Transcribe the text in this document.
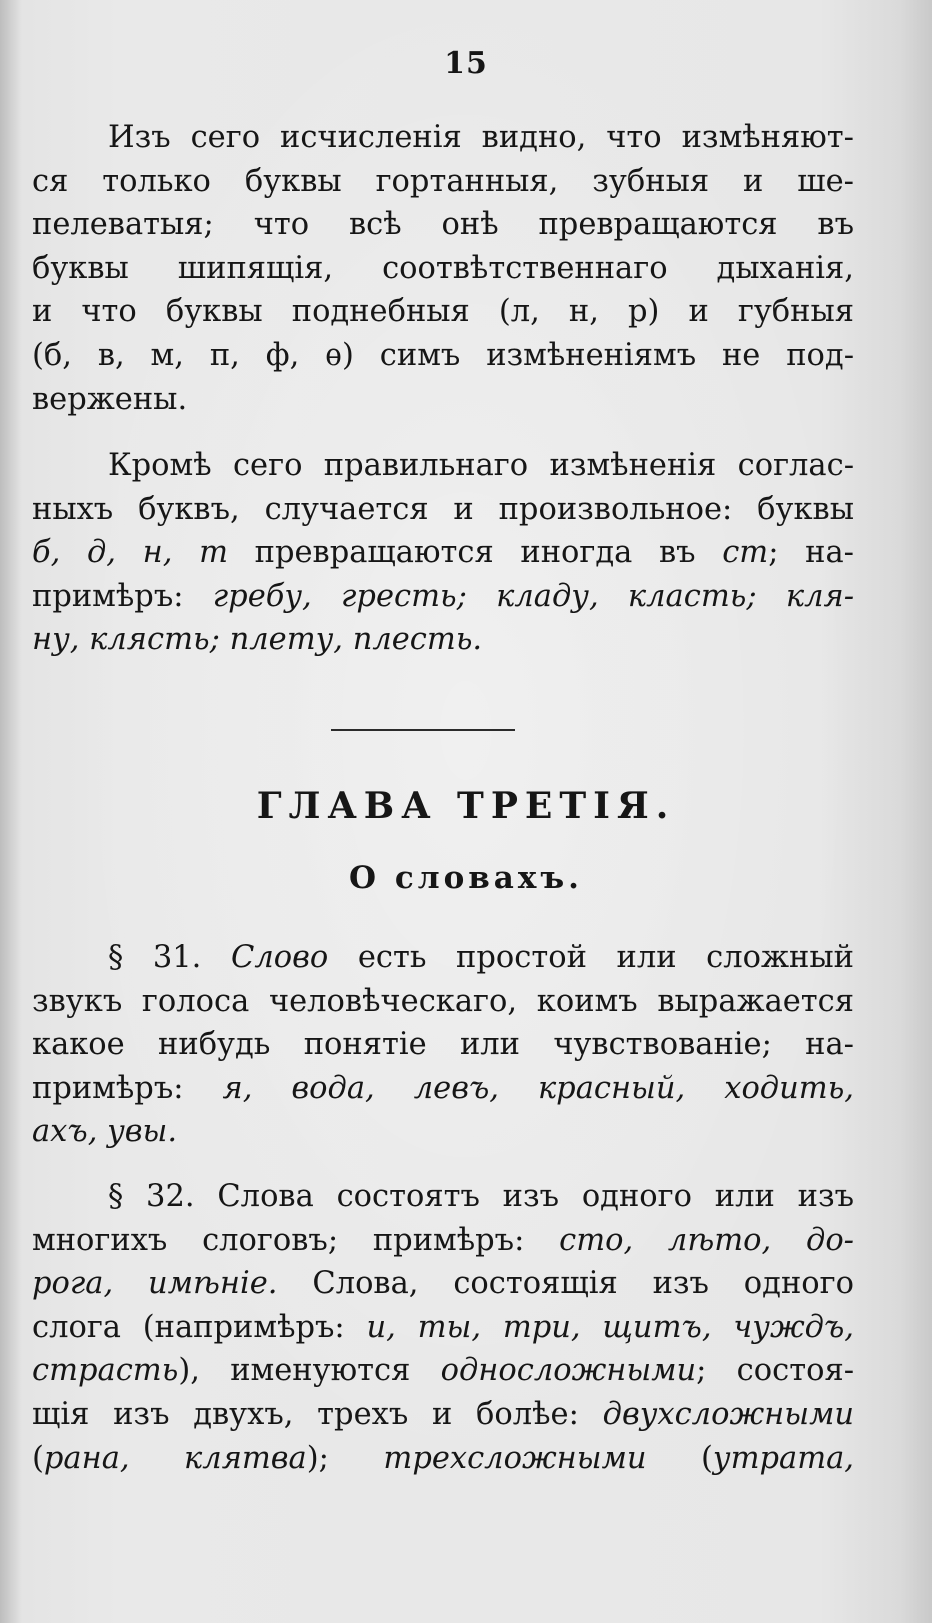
15
Изъ сего исчисленія видно, что измѣняют-
ся только буквы гортанныя, зубныя и ше-
пелеватыя; что всѣ онѣ превращаются въ
буквы шипящія, соотвѣтственнаго дыханія,
и что буквы поднебныя (л, н, р) и губныя
(б, в, м, п, ф, ѳ) симъ измѣненіямъ не под-
вержены.
Кромѣ сего правильнаго измѣненія соглас-
ныхъ буквъ, случается и произвольное: буквы
б, д, н, т превращаются иногда въ ст; на-
примѣръ: гребу, гресть; кладу, класть; кля-
ну, клясть; плету, плесть.
ГЛАВА ТРЕТІЯ.
О словахъ.
§ 31. Слово есть простой или сложный
звукъ голоса человѣческаго, коимъ выражается
какое нибудь понятіе или чувствованіе; на-
примѣръ: я, вода, левъ, красный, ходить,
ахъ, увы.
§ 32. Слова состоятъ изъ одного или изъ
многихъ слоговъ; примѣръ: сто, лѣто, до-
рога, имѣніе. Слова, состоящія изъ одного
слога (напримѣръ: и, ты, три, щитъ, чуждъ,
страсть), именуются односложными; состоя-
щія изъ двухъ, трехъ и болѣе: двухсложными
(рана, клятва); трехсложными (утрата,
